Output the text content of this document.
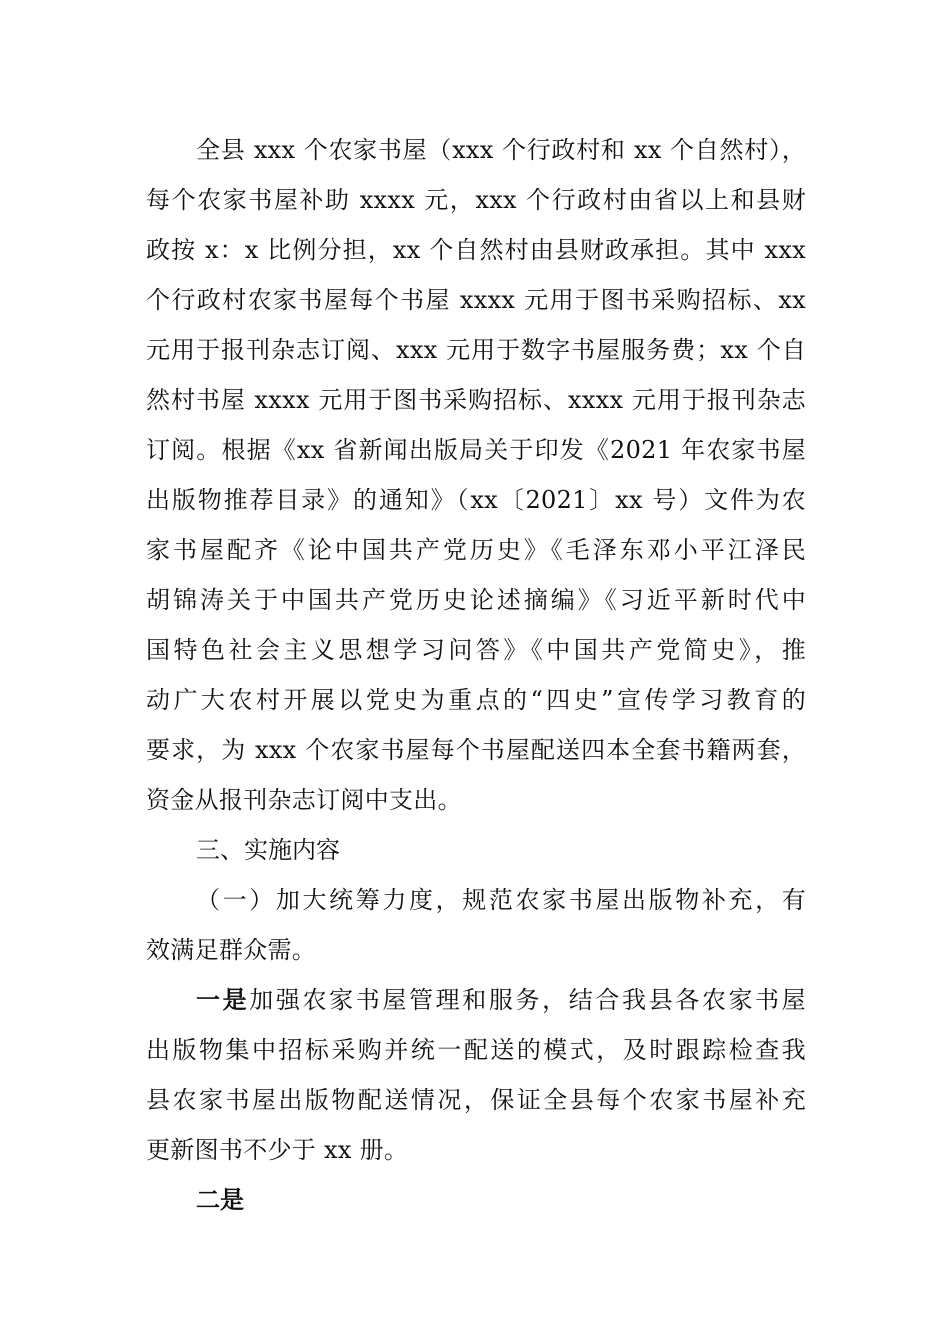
全县 xxx 个农家书屋（xxx 个行政村和 xx 个自然村），
每个农家书屋补助 xxxx 元，xxx 个行政村由省以上和县财
政按 x：x 比例分担，xx 个自然村由县财政承担。其中 xxx
个行政村农家书屋每个书屋 xxxx 元用于图书采购招标、xx
元用于报刊杂志订阅、xxx 元用于数字书屋服务费；xx 个自
然村书屋 xxxx 元用于图书采购招标、xxxx 元用于报刊杂志
订阅。根据《xx 省新闻出版局关于印发《2021 年农家书屋
出版物推荐目录》的通知》（xx〔2021〕xx 号）文件为农
家书屋配齐《论中国共产党历史》《毛泽东邓小平江泽民
胡锦涛关于中国共产党历史论述摘编》《习近平新时代中
国特色社会主义思想学习问答》《中国共产党简史》，推
动广大农村开展以党史为重点的“四史”宣传学习教育的
要求，为 xxx 个农家书屋每个书屋配送四本全套书籍两套，
资金从报刊杂志订阅中支出。
三、实施内容
（一）加大统筹力度，规范农家书屋出版物补充，有
效满足群众需。
一是加强农家书屋管理和服务，结合我县各农家书屋
出版物集中招标采购并统一配送的模式，及时跟踪检查我
县农家书屋出版物配送情况，保证全县每个农家书屋补充
更新图书不少于 xx 册。
二是
